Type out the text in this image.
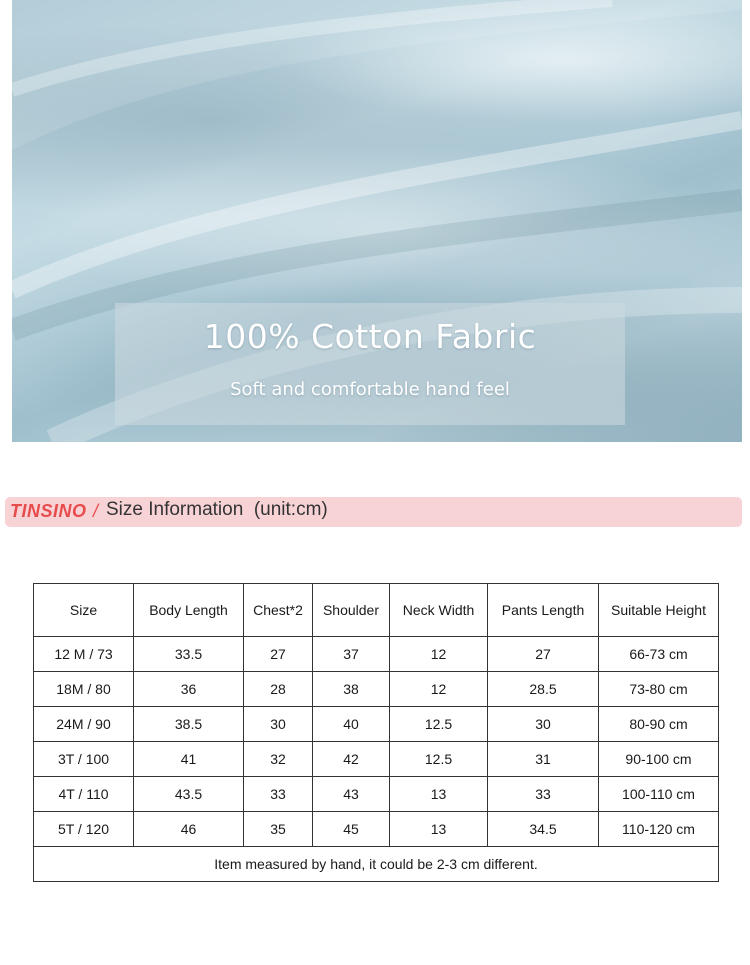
100% Cotton Fabric
Soft and comfortable hand feel
TINSINO / Size Information  (unit:cm)
Size	Body Length	Chest*2	Shoulder	Neck Width	Pants Length	Suitable Height
12 M / 73	33.5	27	37	12	27	66-73 cm
18M / 80	36	28	38	12	28.5	73-80 cm
24M / 90	38.5	30	40	12.5	30	80-90 cm
3T / 100	41	32	42	12.5	31	90-100 cm
4T / 110	43.5	33	43	13	33	100-110 cm
5T / 120	46	35	45	13	34.5	110-120 cm
Item measured by hand, it could be 2-3 cm different.						
